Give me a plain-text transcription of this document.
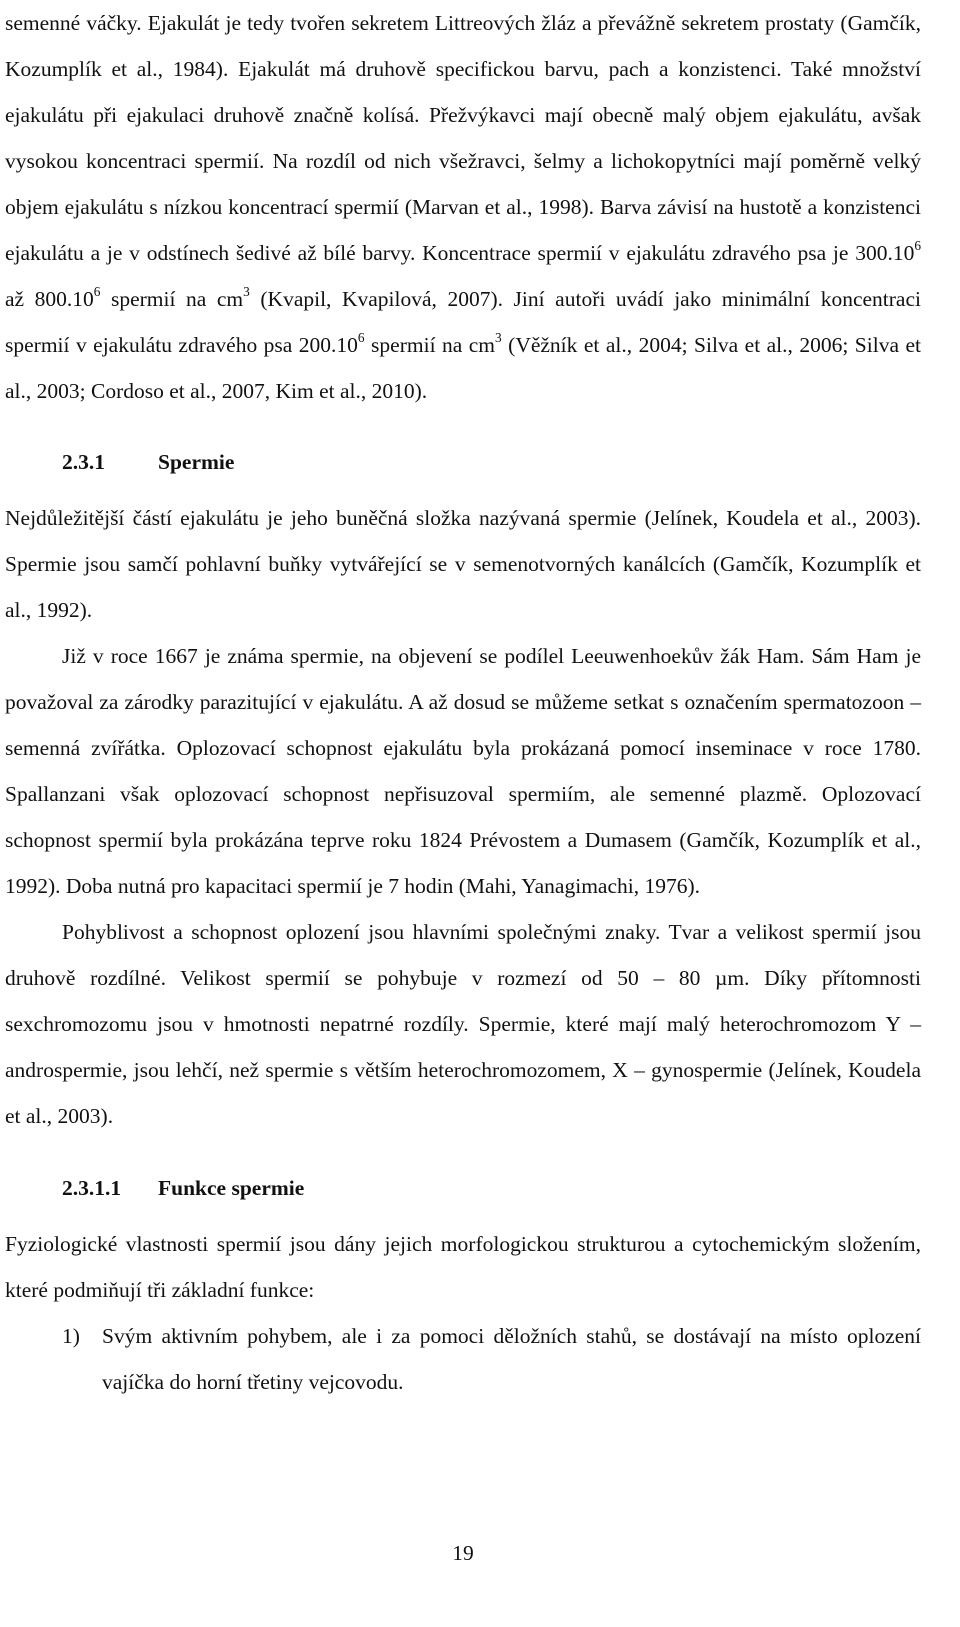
semenné váčky. Ejakulát je tedy tvořen sekretem Littreových žláz a převážně sekretem prostaty (Gamčík, Kozumplík et al., 1984). Ejakulát má druhově specifickou barvu, pach a konzistenci. Také množství ejakulátu při ejakulaci druhově značně kolísá. Přežvýkavci mají obecně malý objem ejakulátu, avšak vysokou koncentraci spermií. Na rozdíl od nich všežravci, šelmy a lichokopytníci mají poměrně velký objem ejakulátu s nízkou koncentrací spermií (Marvan et al., 1998). Barva závisí na hustotě a konzistenci ejakulátu a je v odstínech šedivé až bílé barvy. Koncentrace spermií v ejakulátu zdravého psa je 300.10$^6$ až 800.10$^6$ spermií na $cm^3$ (Kvapil, Kvapilová, 2007). Jiní autoři uvádí jako minimální koncentraci spermií v ejakulátu zdravého psa 200.10$^6$ spermií na $cm^3$ (Věžník et al., 2004; Silva et al., 2006; Silva et al., 2003; Cordoso et al., 2007, Kim et al., 2010).

2.3.1 Spermie

Nejdůležitější částí ejakulátu je jeho buněčná složka nazývaná spermie (Jelínek, Koudela et al., 2003). Spermie jsou samčí pohlavní buňky vytvářející se v semenotvorných kanálcích (Gamčík, Kozumplík et al., 1992).

Již v roce 1667 je známa spermie, na objevení se podílel Leeuwenhoekův žák Ham. Sám Ham je považoval za zárodky parazitující v ejakulátu. A až dosud se můžeme setkat s označením spermatozoon – semenná zvířátka. Oplozovací schopnost ejakulátu byla prokázaná pomocí inseminace v roce 1780. Spallanzani však oplozovací schopnost nepřisuzoval spermiím, ale semenné plazmě. Oplozovací schopnost spermií byla prokázána teprve roku 1824 Prévostem a Dumasem (Gamčík, Kozumplík et al., 1992). Doba nutná pro kapacitaci spermií je 7 hodin (Mahi, Yanagimachi, 1976).

Pohyblivost a schopnost oplození jsou hlavními společnými znaky. Tvar a velikost spermií jsou druhově rozdílné. Velikost spermií se pohybuje v rozmezí od 50 – 80 µm. Díky přítomnosti sexchromozomu jsou v hmotnosti nepatrné rozdíly. Spermie, které mají malý heterochromozom Y – androspermie, jsou lehčí, než spermie s větším heterochromozomem, X – gynospermie (Jelínek, Koudela et al., 2003).

2.3.1.1 Funkce spermie

Fyziologické vlastnosti spermií jsou dány jejich morfologickou strukturou a cytochemickým složením, které podmiňují tři základní funkce:

1) Svým aktivním pohybem, ale i za pomoci děložních stahů, se dostávají na místo oplození vajíčka do horní třetiny vejcovodu.
19
